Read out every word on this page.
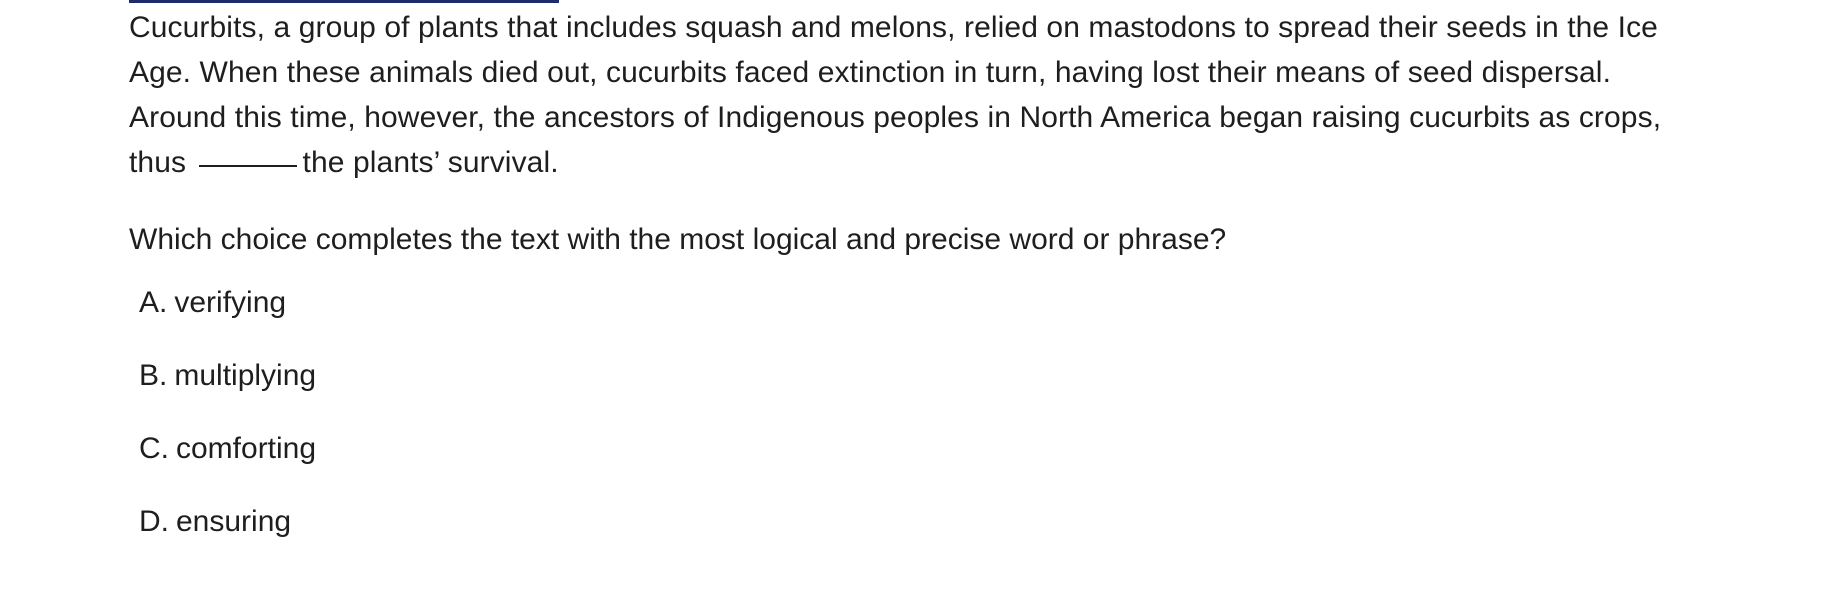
Cucurbits, a group of plants that includes squash and melons, relied on mastodons to spread their seeds in the Ice Age. When these animals died out, cucurbits faced extinction in turn, having lost their means of seed dispersal. Around this time, however, the ancestors of Indigenous peoples in North America began raising cucurbits as crops, thus	the plants’ survival.

Which choice completes the text with the most logical and precise word or phrase?

A. verifying
B. multiplying
C. comforting
D. ensuring
